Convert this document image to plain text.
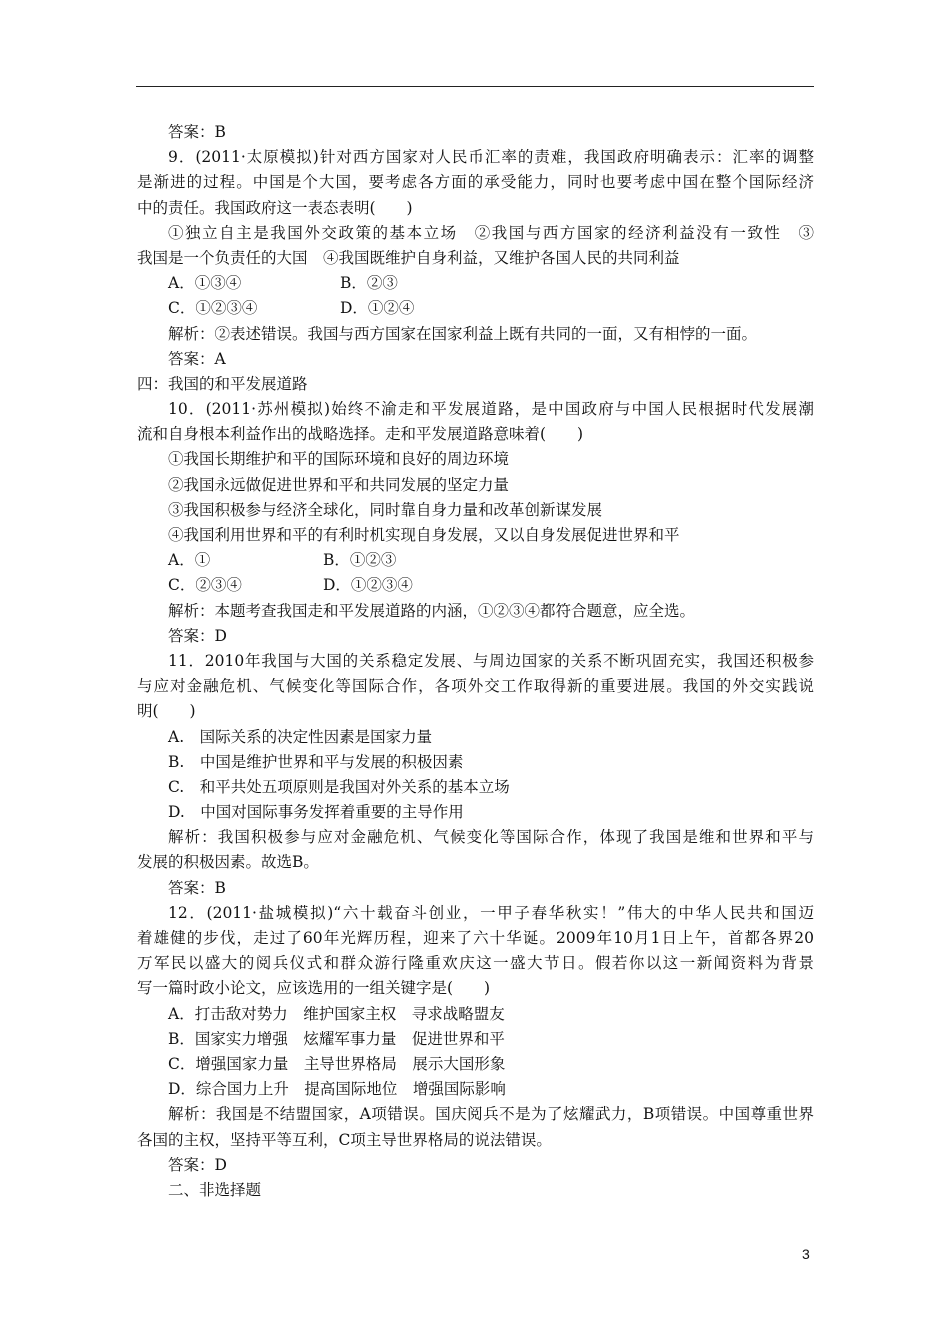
答案：B
9．(2011·太原模拟)针对西方国家对人民币汇率的责难，我国政府明确表示：汇率的调整
是渐进的过程。中国是个大国，要考虑各方面的承受能力，同时也要考虑中国在整个国际经济
中的责任。我国政府这一表态表明(　　)
①独立自主是我国外交政策的基本立场　②我国与西方国家的经济利益没有一致性　③
我国是一个负责任的大国　④我国既维护自身利益，又维护各国人民的共同利益
A．①③④	B．②③
C．①②③④	D．①②④
解析：②表述错误。我国与西方国家在国家利益上既有共同的一面，又有相悖的一面。
答案：A
四：我国的和平发展道路
10．(2011·苏州模拟)始终不渝走和平发展道路，是中国政府与中国人民根据时代发展潮
流和自身根本利益作出的战略选择。走和平发展道路意味着(　　)
①我国长期维护和平的国际环境和良好的周边环境
②我国永远做促进世界和平和共同发展的坚定力量
③我国积极参与经济全球化，同时靠自身力量和改革创新谋发展
④我国利用世界和平的有利时机实现自身发展，又以自身发展促进世界和平
A．①	B．①②③
C．②③④	D．①②③④
解析：本题考查我国走和平发展道路的内涵，①②③④都符合题意，应全选。
答案：D
11．2010年我国与大国的关系稳定发展、与周边国家的关系不断巩固充实，我国还积极参
与应对金融危机、气候变化等国际合作，各项外交工作取得新的重要进展。我国的外交实践说
明(　　)
A.　国际关系的决定性因素是国家力量
B.　中国是维护世界和平与发展的积极因素
C.　和平共处五项原则是我国对外关系的基本立场
D.　中国对国际事务发挥着重要的主导作用
解析：我国积极参与应对金融危机、气候变化等国际合作，体现了我国是维和世界和平与
发展的积极因素。故选B。
答案：B
12．(2011·盐城模拟)“六十载奋斗创业，一甲子春华秋实！”伟大的中华人民共和国迈
着雄健的步伐，走过了60年光辉历程，迎来了六十华诞。2009年10月1日上午，首都各界20
万军民以盛大的阅兵仪式和群众游行隆重欢庆这一盛大节日。假若你以这一新闻资料为背景
写一篇时政小论文，应该选用的一组关键字是(　　)
A．打击敌对势力　维护国家主权　寻求战略盟友
B．国家实力增强　炫耀军事力量　促进世界和平
C．增强国家力量　主导世界格局　展示大国形象
D．综合国力上升　提高国际地位　增强国际影响
解析：我国是不结盟国家，A项错误。国庆阅兵不是为了炫耀武力，B项错误。中国尊重世界
各国的主权，坚持平等互利，C项主导世界格局的说法错误。
答案：D
二、非选择题
3
